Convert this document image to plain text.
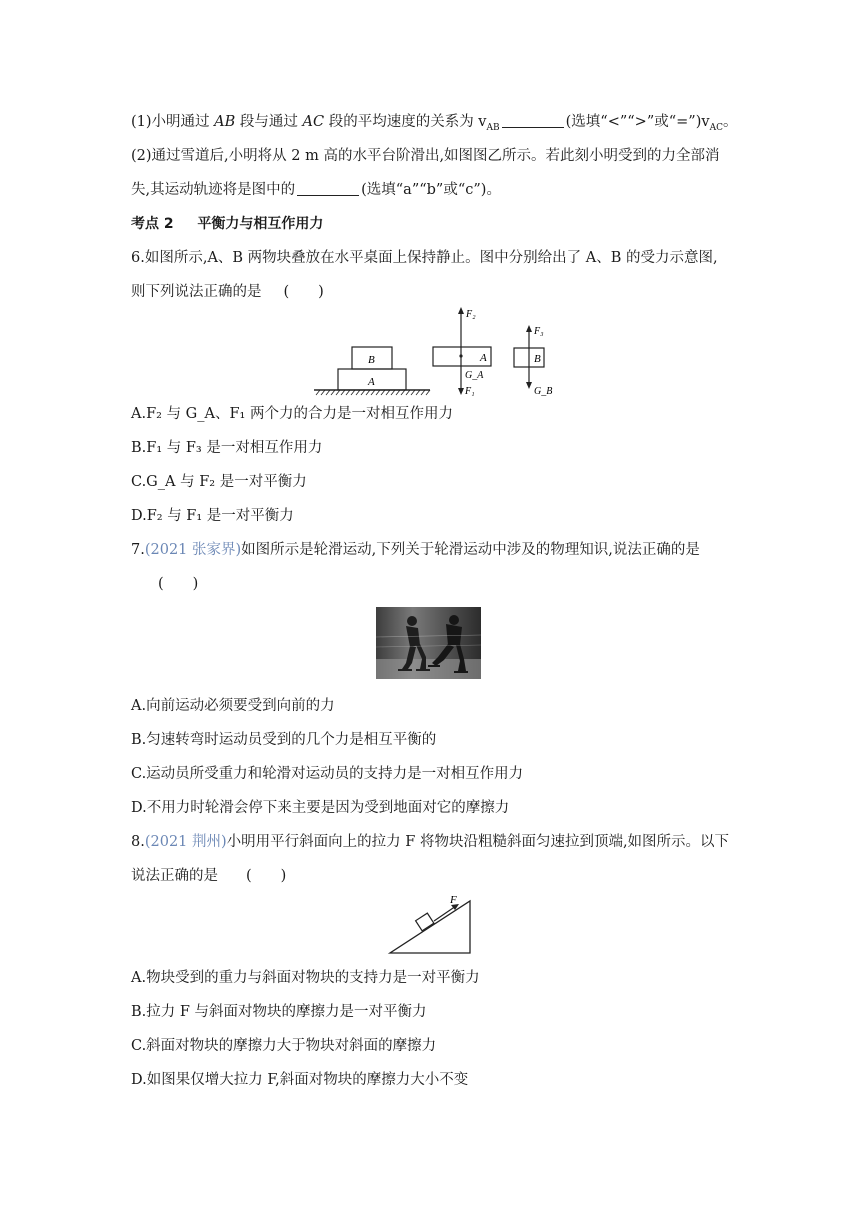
(1)小明通过 AB 段与通过 AC 段的平均速度的关系为 $v_{AB}$	(选填“<”“>”或“$=”)v_{AC}$。
(2)通过雪道后,小明将从 2 m 高的水平台阶滑出,如图图乙所示。若此刻小明受到的力全部消
失,其运动轨迹将是图中的	(选填“a”“b”或“c”)。
考点 2 平衡力与相互作用力
6.如图所示,A、B 两物块叠放在水平桌面上保持静止。图中分别给出了 A、B 的受力示意图,
则下列说法正确的是 (　　)
A
B	A
F₂
G_A
F₁
B
F₃
G_B
A.F₂ 与 G_A、F₁ 两个力的合力是一对相互作用力
B.F₁ 与 F₃ 是一对相互作用力
C.G_A 与 F₂ 是一对平衡力
D.F₂ 与 F₁ 是一对平衡力
7.(2021 张家界)如图所示是轮滑运动,下列关于轮滑运动中涉及的物理知识,说法正确的是
(　　)
A.向前运动必须要受到向前的力
B.匀速转弯时运动员受到的几个力是相互平衡的
C.运动员所受重力和轮滑对运动员的支持力是一对相互作用力
D.不用力时轮滑会停下来主要是因为受到地面对它的摩擦力
8.(2021 荆州)小明用平行斜面向上的拉力 F 将物块沿粗糙斜面匀速拉到顶端,如图所示。以下
说法正确的是 (　　)
F
A.物块受到的重力与斜面对物块的支持力是一对平衡力
B.拉力 F 与斜面对物块的摩擦力是一对平衡力
C.斜面对物块的摩擦力大于物块对斜面的摩擦力
D.如图果仅增大拉力 F,斜面对物块的摩擦力大小不变
